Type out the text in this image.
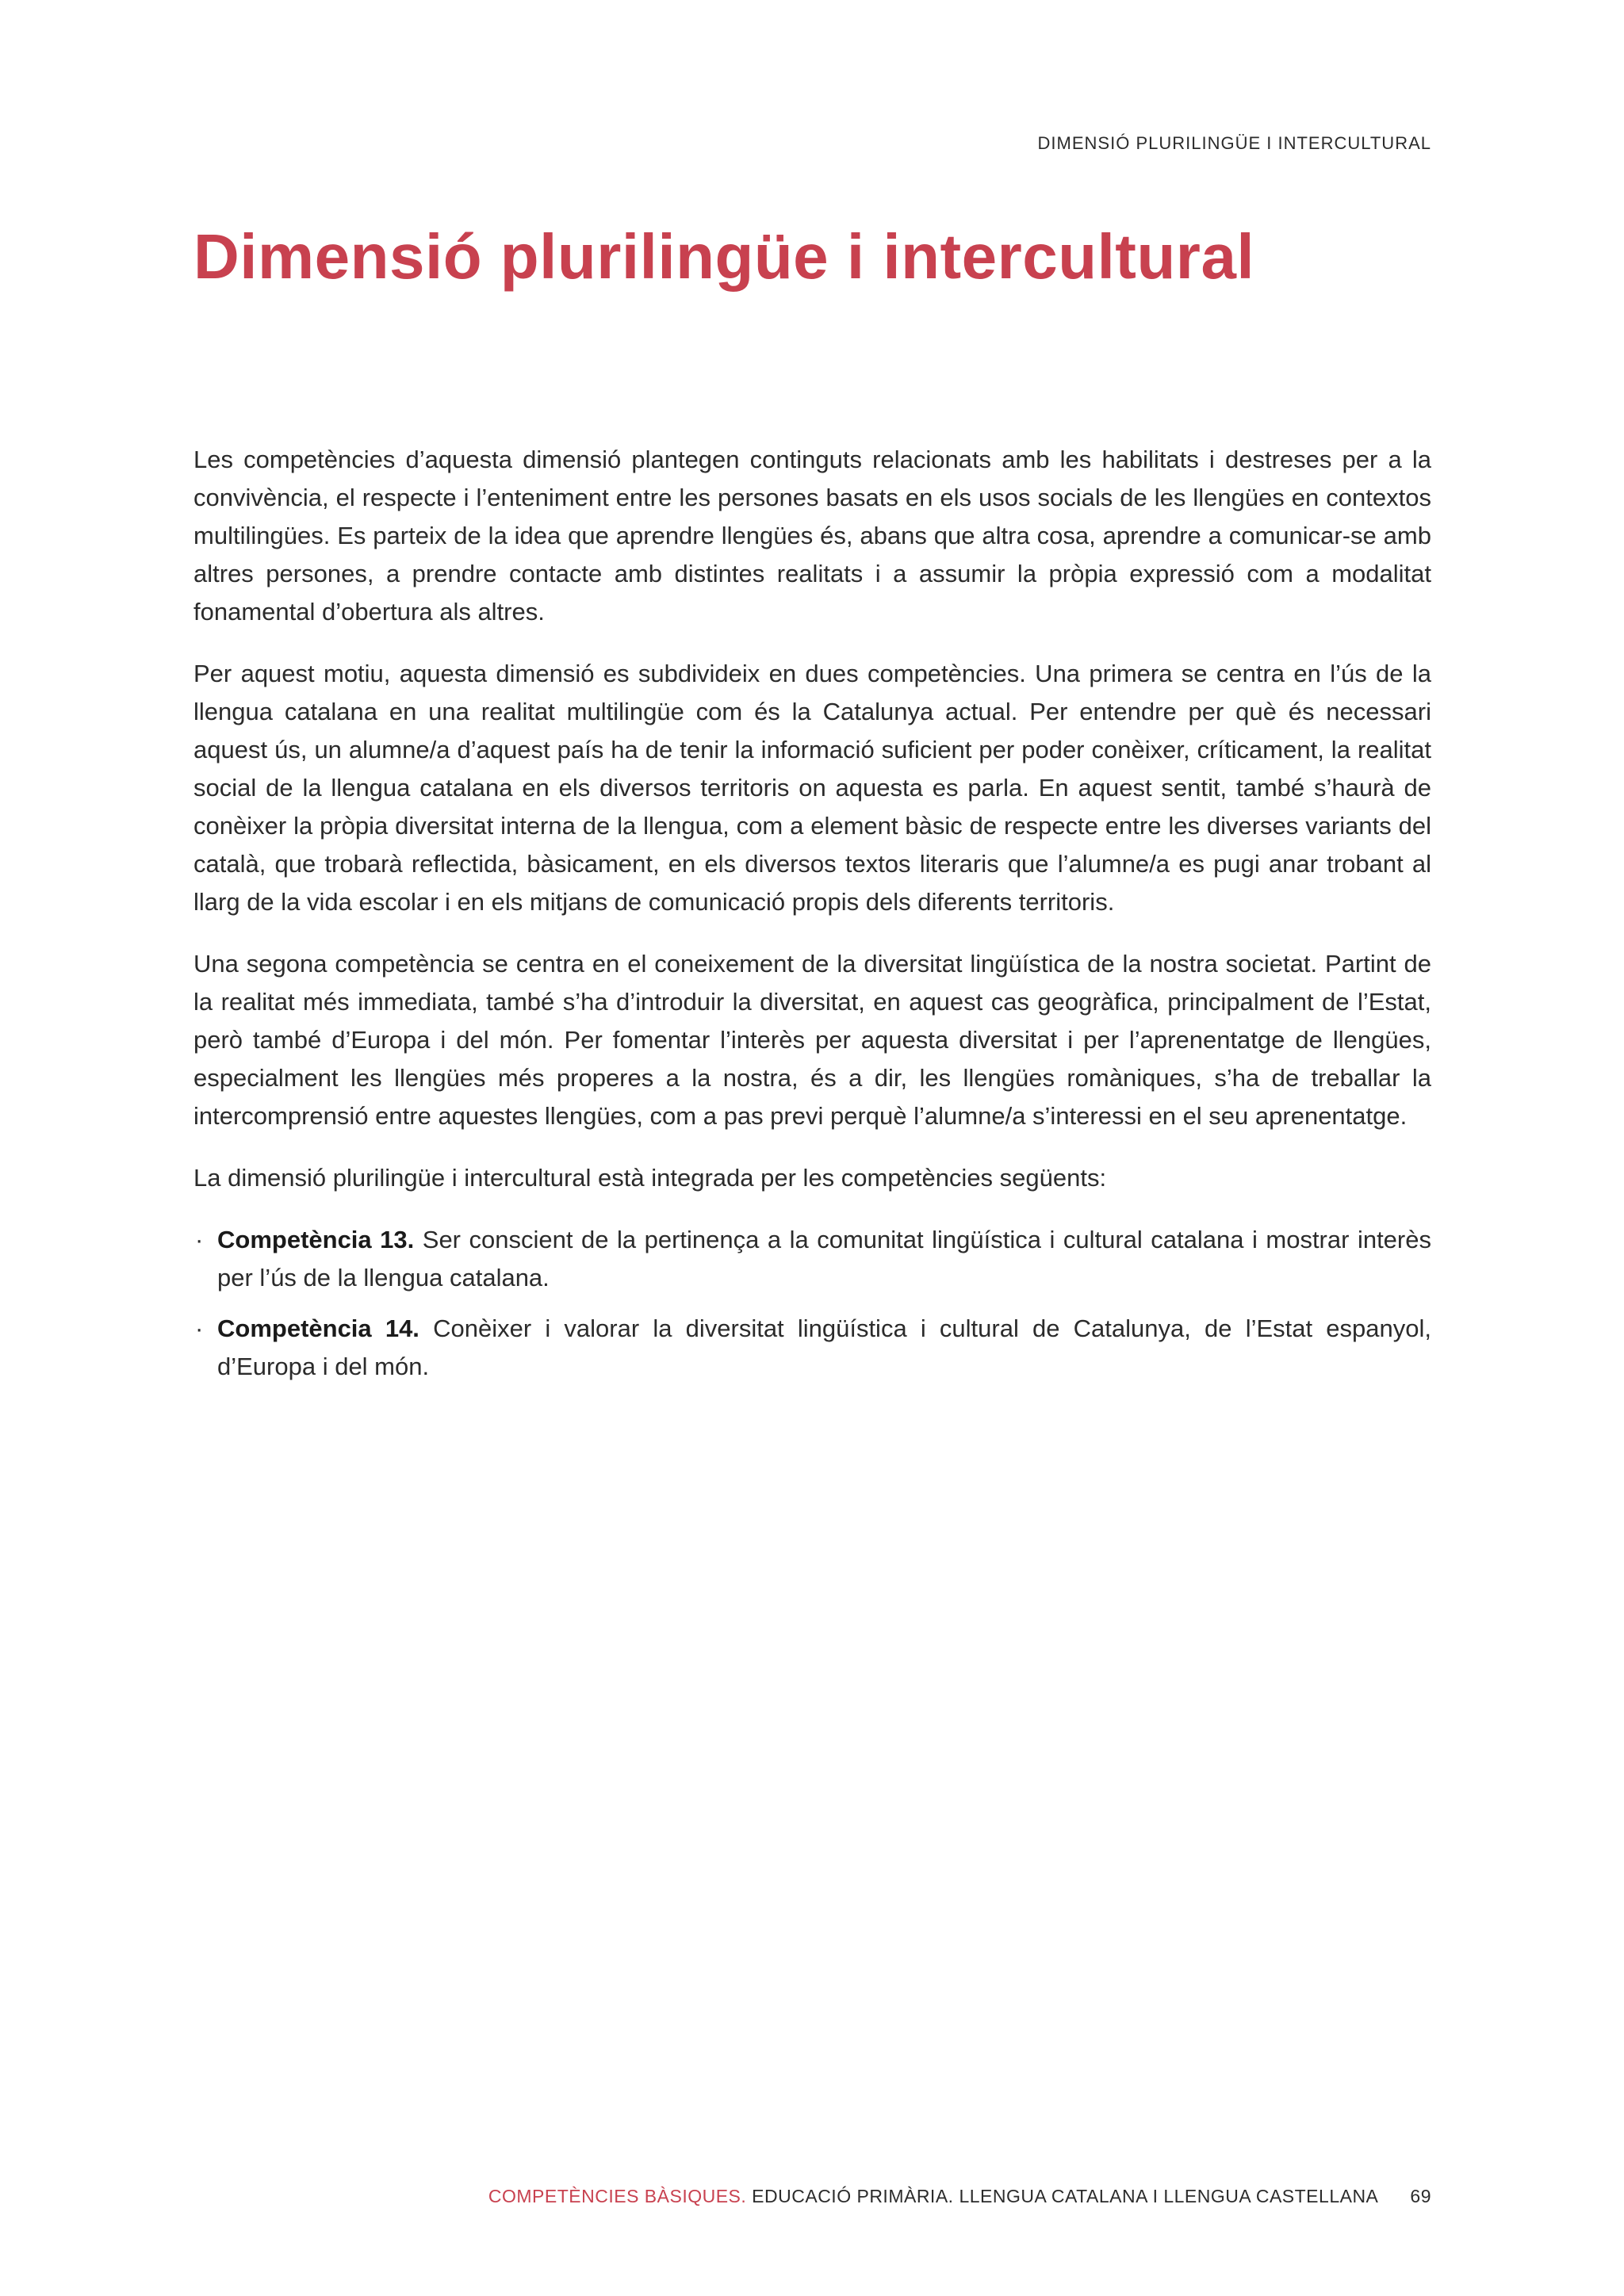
DIMENSIÓ PLURILINGÜE I INTERCULTURAL
Dimensió plurilingüe i intercultural

Les competències d’aquesta dimensió plantegen continguts relacionats amb les habilitats i destreses per a la convivència, el respecte i l’enteniment entre les persones basats en els usos socials de les llengües en contextos multilingües. Es parteix de la idea que aprendre llengües és, abans que altra cosa, aprendre a comunicar-se amb altres persones, a prendre contacte amb distintes realitats i a assumir la pròpia expressió com a modalitat fonamental d’obertura als altres.

Per aquest motiu, aquesta dimensió es subdivideix en dues competències. Una primera se centra en l’ús de la llengua catalana en una realitat multilingüe com és la Catalunya actual. Per entendre per què és necessari aquest ús, un alumne/a d’aquest país ha de tenir la informació suficient per poder conèixer, críticament, la realitat social de la llengua catalana en els diversos territoris on aquesta es parla. En aquest sentit, també s’haurà de conèixer la pròpia diversitat interna de la llengua, com a element bàsic de respecte entre les diverses variants del català, que trobarà reflectida, bàsicament, en els diversos textos literaris que l’alumne/a es pugi anar trobant al llarg de la vida escolar i en els mitjans de comunicació propis dels diferents territoris.

Una segona competència se centra en el coneixement de la diversitat lingüística de la nostra societat. Partint de la realitat més immediata, també s’ha d’introduir la diversitat, en aquest cas geogràfica, principalment de l’Estat, però també d’Europa i del món. Per fomentar l’interès per aquesta diversitat i per l’aprenentatge de llengües, especialment les llengües més properes a la nostra, és a dir, les llengües romàniques, s’ha de treballar la intercomprensió entre aquestes llengües, com a pas previ perquè l’alumne/a s’interessi en el seu aprenentatge.

La dimensió plurilingüe i intercultural està integrada per les competències següents:

· Competència 13. Ser conscient de la pertinença a la comunitat lingüística i cultural catalana i mostrar interès per l’ús de la llengua catalana.
· Competència 14. Conèixer i valorar la diversitat lingüística i cultural de Catalunya, de l’Estat espanyol, d’Europa i del món.
COMPETÈNCIES BÀSIQUES. EDUCACIÓ PRIMÀRIA. LLENGUA CATALANA I LLENGUA CASTELLANA 69
